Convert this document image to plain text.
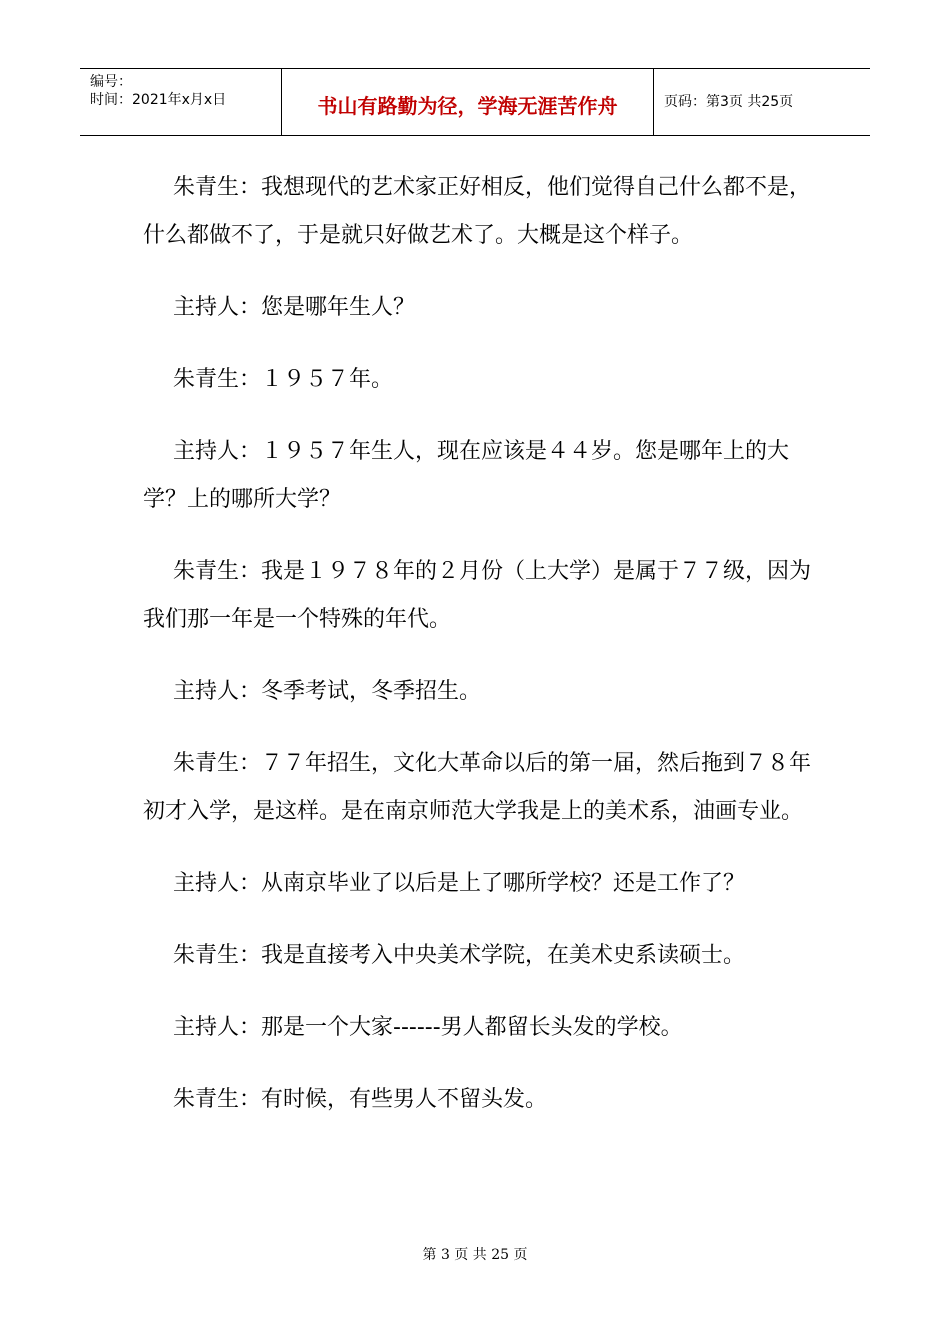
编号：
时间：2021年x月x日	书山有路勤为径，学海无涯苦作舟	页码：第3页 共25页

朱青生：我想现代的艺术家正好相反，他们觉得自己什么都不是，什么都做不了，于是就只好做艺术了。大概是这个样子。

主持人：您是哪年生人？

朱青生：１９５７年。

主持人：１９５７年生人，现在应该是４４岁。您是哪年上的大学？上的哪所大学？

朱青生：我是１９７８年的２月份（上大学）是属于７７级，因为我们那一年是一个特殊的年代。

主持人：冬季考试，冬季招生。

朱青生：７７年招生，文化大革命以后的第一届，然后拖到７８年初才入学，是这样。是在南京师范大学我是上的美术系，油画专业。

主持人：从南京毕业了以后是上了哪所学校？还是工作了？

朱青生：我是直接考入中央美术学院，在美术史系读硕士。

主持人：那是一个大家------男人都留长头发的学校。

朱青生：有时候，有些男人不留头发。

第 3 页 共 25 页
